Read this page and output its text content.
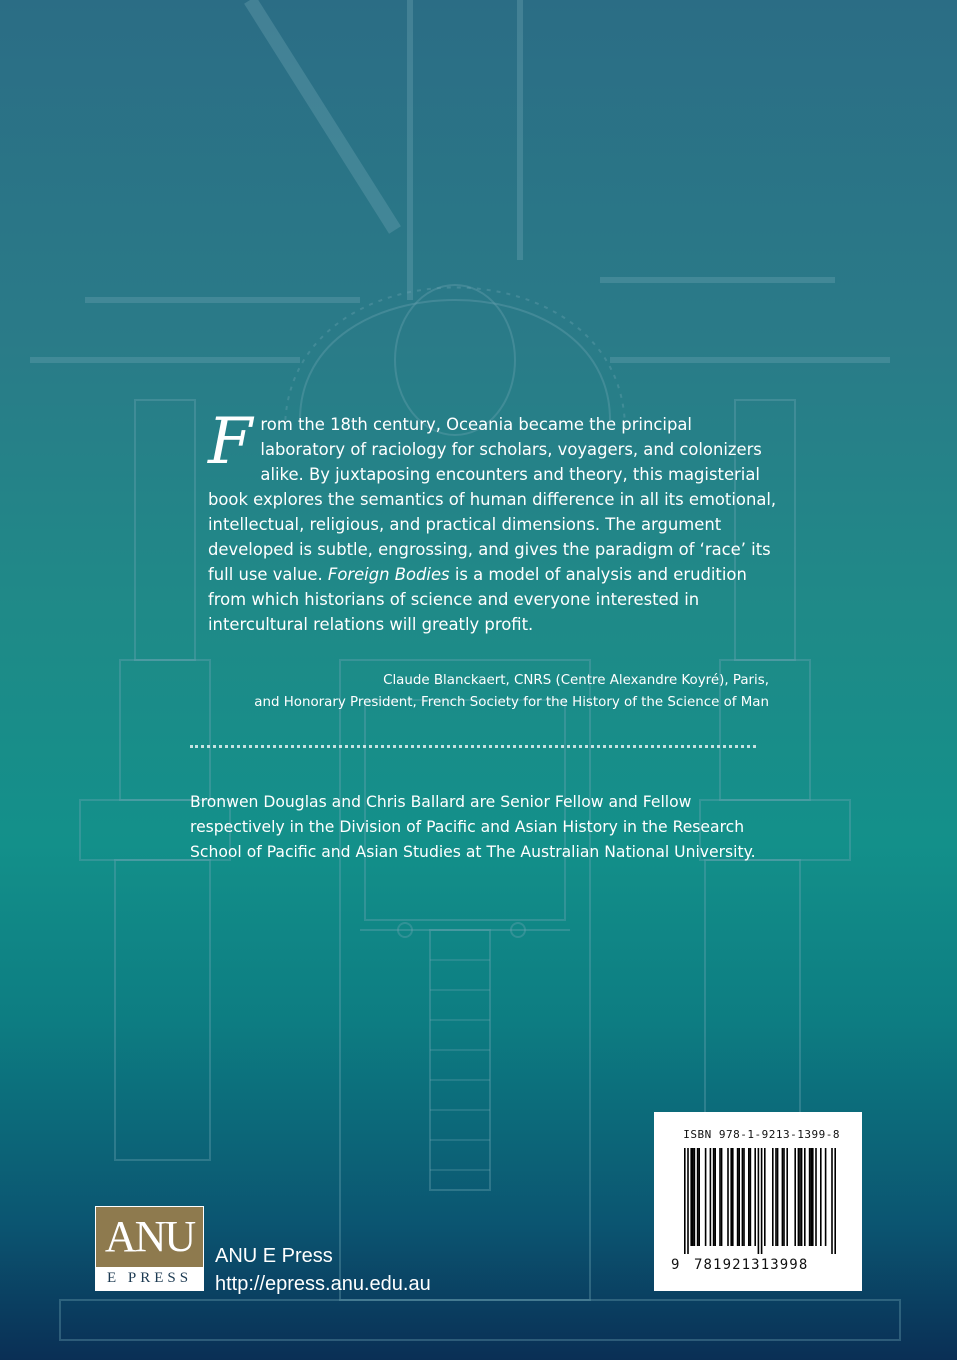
F rom the 18th century, Oceania became the principal laboratory of raciology for scholars, voyagers, and colonizers alike. By juxtaposing encounters and theory, this magisterial book explores the semantics of human difference in all its emotional, intellectual, religious, and practical dimensions. The argument developed is subtle, engrossing, and gives the paradigm of ‘race’ its full use value. Foreign Bodies is a model of analysis and erudition from which historians of science and everyone interested in intercultural relations will greatly profit.

Claude Blanckaert, CNRS (Centre Alexandre Koyré), Paris,
and Honorary President, French Society for the History of the Science of Man
Bronwen Douglas and Chris Ballard are Senior Fellow and Fellow respectively in the Division of Pacific and Asian History in the Research School of Pacific and Asian Studies at The Australian National University.
ANU
E PRESS
ANU E Press
http://epress.anu.edu.au
ISBN 978-1-9213-1399-8
9 781921313998
